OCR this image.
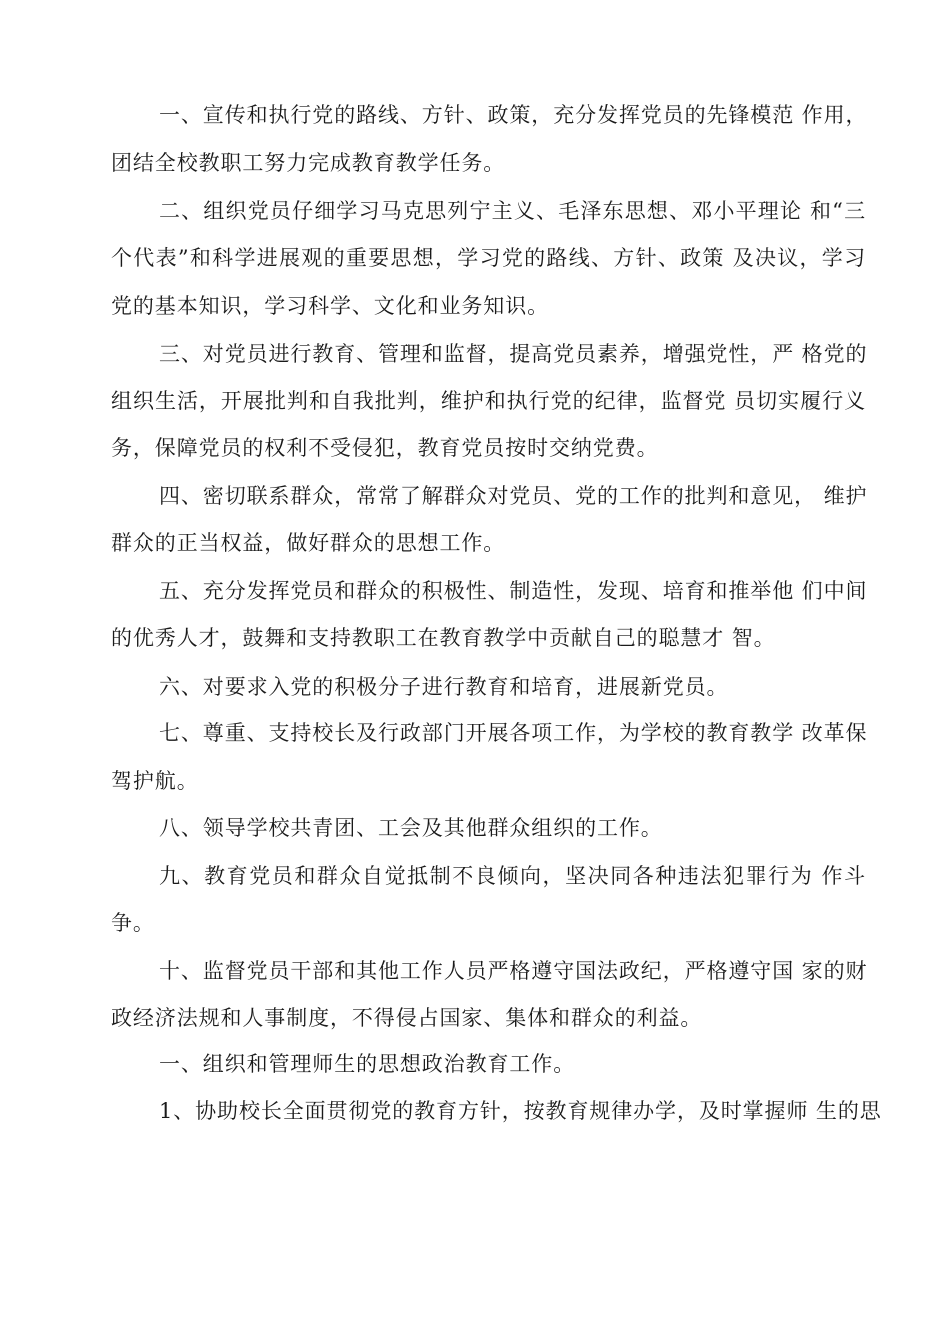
一、宣传和执行党的路线、方针、政策，充分发挥党员的先锋模范 作用，
团结全校教职工努力完成教育教学任务。
二、组织党员仔细学习马克思列宁主义、毛泽东思想、邓小平理论 和“三
个代表”和科学进展观的重要思想，学习党的路线、方针、政策 及决议，学习
党的基本知识，学习科学、文化和业务知识。
三、对党员进行教育、管理和监督，提高党员素养，增强党性，严 格党的
组织生活，开展批判和自我批判，维护和执行党的纪律，监督党 员切实履行义
务，保障党员的权利不受侵犯，教育党员按时交纳党费。
四、密切联系群众，常常了解群众对党员、党的工作的批判和意见， 维护
群众的正当权益，做好群众的思想工作。
五、充分发挥党员和群众的积极性、制造性，发现、培育和推举他 们中间
的优秀人才，鼓舞和支持教职工在教育教学中贡献自己的聪慧才 智。
六、对要求入党的积极分子进行教育和培育，进展新党员。
七、尊重、支持校长及行政部门开展各项工作，为学校的教育教学 改革保
驾护航。
八、领导学校共青团、工会及其他群众组织的工作。
九、教育党员和群众自觉抵制不良倾向，坚决同各种违法犯罪行为 作斗
争。
十、监督党员干部和其他工作人员严格遵守国法政纪，严格遵守国 家的财
政经济法规和人事制度，不得侵占国家、集体和群众的利益。
一、组织和管理师生的思想政治教育工作。
1、协助校长全面贯彻党的教育方针，按教育规律办学，及时掌握师 生的思
